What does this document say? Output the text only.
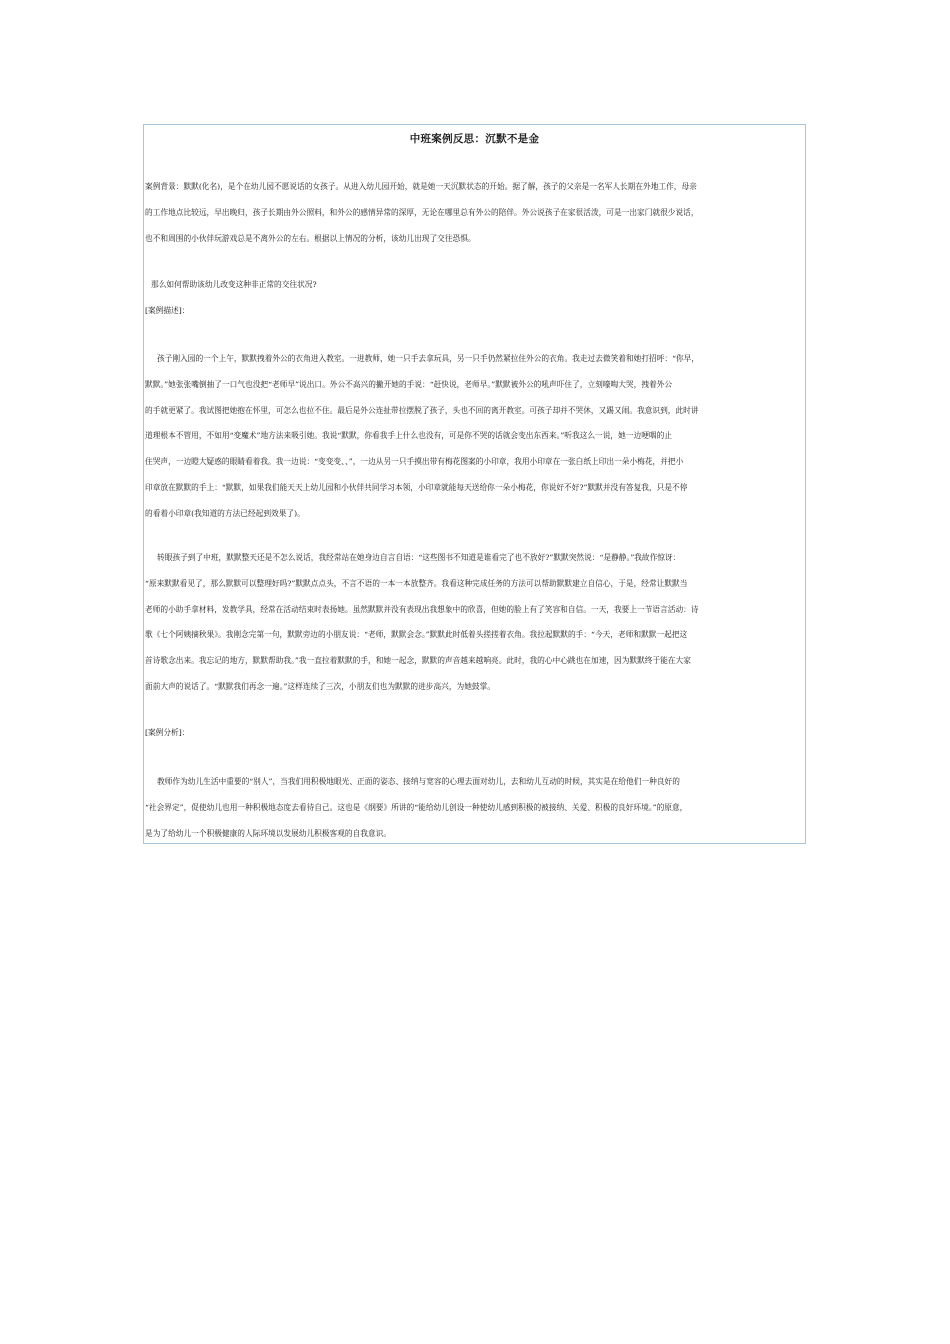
中班案例反思：沉默不是金
案例背景：默默(化名)，是个在幼儿园不愿说话的女孩子。从进入幼儿园开始，就是她一天沉默状态的开始。据了解，孩子的父亲是一名军人长期在外地工作，母亲
的工作地点比较远，早出晚归，孩子长期由外公照料，和外公的感情异常的深厚，无论在哪里总有外公的陪伴。外公说孩子在家很活泼，可是一出家门就很少说话，
也不和周围的小伙伴玩游戏总是不离外公的左右。根据以上情况的分析，该幼儿出现了交往恐惧。
那么如何帮助该幼儿改变这种非正常的交往状况?
[案例描述]：
孩子刚入园的一个上午，默默拽着外公的衣角进入教室。一进教师，她一只手去拿玩具，另一只手仍然紧拉住外公的衣角。我走过去微笑着和她打招呼：“你早，
默默。”她张张嘴倒抽了一口气也没把“老师早”说出口。外公不高兴的撇开她的手说：“赶快说，老师早。”默默被外公的吼声吓住了，立刻嚎啕大哭，拽着外公
的手就更紧了。我试图把她抱在怀里，可怎么也拉不住。最后是外公连扯带拉摆脱了孩子，头也不回的离开教室。可孩子却并不哭休，又踢又闹。我意识到，此时讲
道理根本不管用，不如用“变魔术”地方法来吸引她。我说“默默，你看我手上什么也没有，可是你不哭的话就会变出东西来。”听我这么一说，她一边哽咽的止
住哭声，一边瞪大疑惑的眼睛看着我。我一边说：“变变变、、”，一边从另一只手摸出带有梅花图案的小印章，我用小印章在一张白纸上印出一朵小梅花，并把小
印章放在默默的手上：“默默，如果我们能天天上幼儿园和小伙伴共同学习本领，小印章就能每天送给你一朵小梅花，你说好不好?”默默并没有答复我，只是不停
的看着小印章(我知道的方法已经起到效果了)。
转眼孩子到了中班，默默整天还是不怎么说话，我经常站在她身边自言自语：“这些图书不知道是谁看完了也不放好?”默默突然说：“是静静。”我故作惊讶：
“原来默默看见了，那么默默可以整理好吗?”默默点点头，不言不语的一本一本放整齐。我看这种完成任务的方法可以帮助默默建立自信心，于是，经常让默默当
老师的小助手拿材料，发教学具，经常在活动结束时表扬她。虽然默默并没有表现出我想象中的欣喜，但她的脸上有了笑容和自信。一天，我要上一节语言活动：诗
歌《七个阿姨摘秋果》。我刚念完第一句，默默旁边的小朋友说：“老师，默默会念。”默默此时低着头搓搓着衣角。我拉起默默的手：“今天，老师和默默一起把这
首诗歌念出来。我忘记的地方，默默帮助我。”我一直拉着默默的手，和她一起念，默默的声音越来越响亮。此时，我的心中心跳也在加速，因为默默终于能在大家
面前大声的说话了。“默默我们再念一遍。”这样连续了三次，小朋友们也为默默的进步高兴，为她鼓掌。
[案例分析]：
教师作为幼儿生活中重要的“别人”，当我们用积极地眼光、正面的姿态、接纳与宽容的心理去面对幼儿，去和幼儿互动的时候，其实是在给他们一种良好的
“社会界定”，促使幼儿也用一种积极地态度去看待自己。这也是《纲要》所讲的“能给幼儿创设一种使幼儿感到积极的被接纳、关爱、积极的良好环境。”的原意，
是为了给幼儿一个积极健康的人际环境以发展幼儿积极客观的自我意识。
